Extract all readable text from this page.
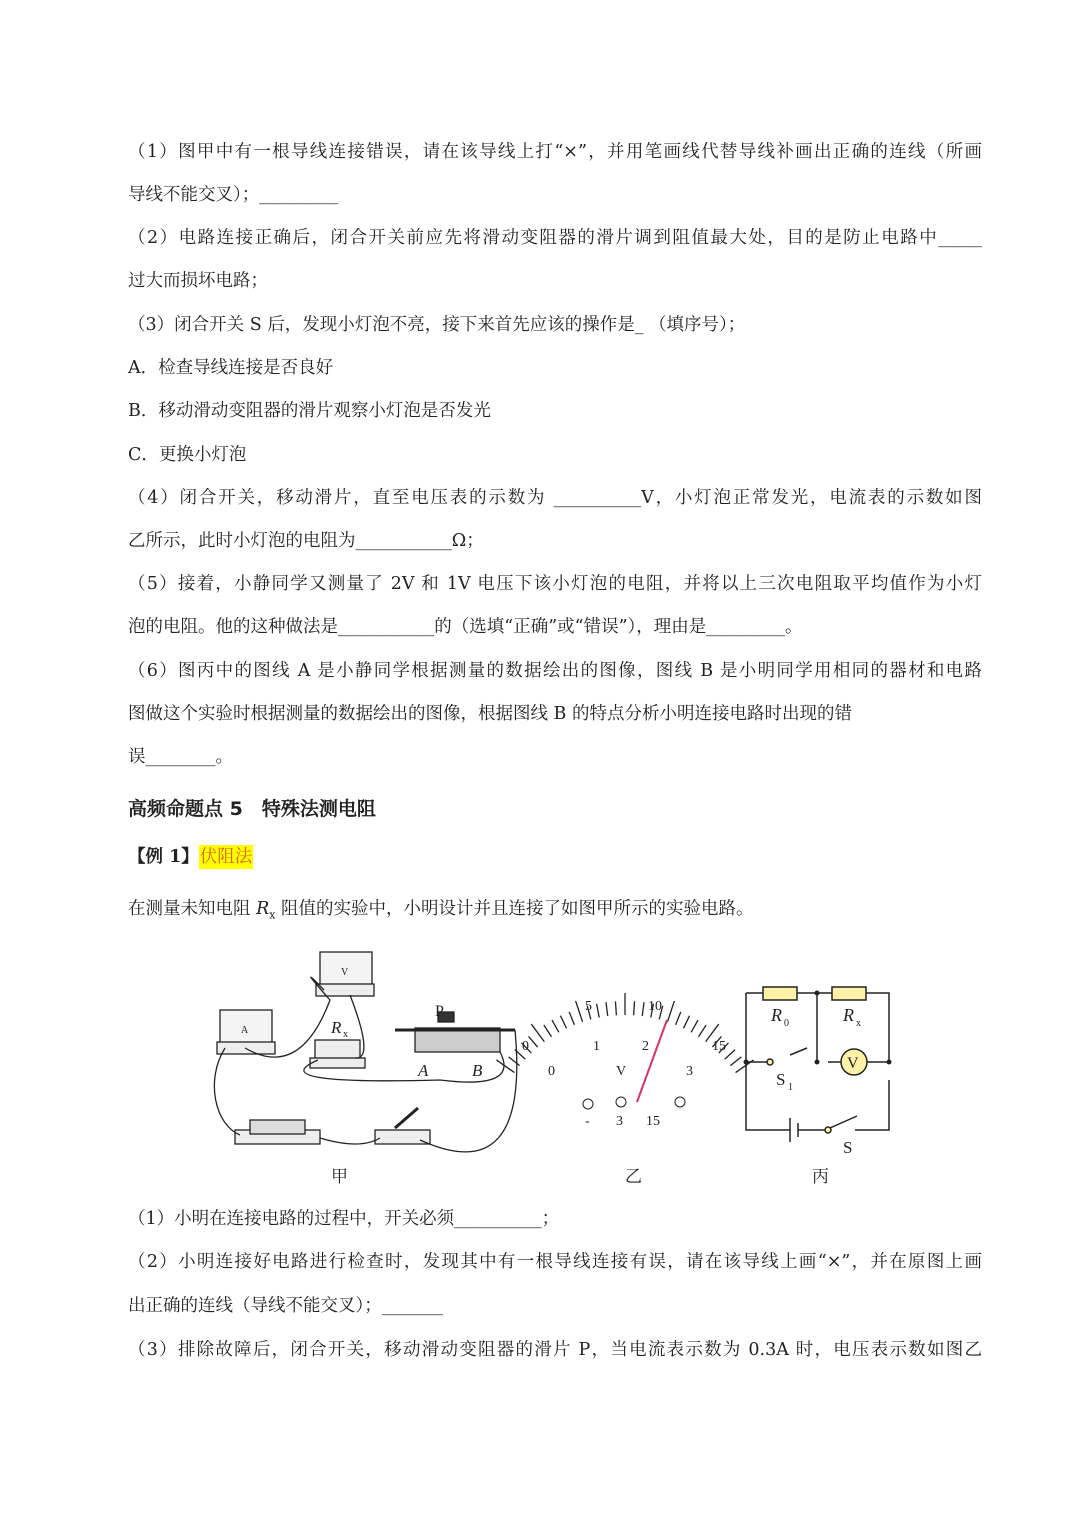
（1）图甲中有一根导线连接错误，请在该导线上打“×”，并用笔画线代替导线补画出正确的连线（所画
导线不能交叉）；_________
（2）电路连接正确后，闭合开关前应先将滑动变阻器的滑片调到阻值最大处，目的是防止电路中_____
过大而损坏电路；
（3）闭合开关 S 后，发现小灯泡不亮，接下来首先应该的操作是_ （填序号）；
A．检查导线连接是否良好
B．移动滑动变阻器的滑片观察小灯泡是否发光
C．更换小灯泡
（4）闭合开关，移动滑片，直至电压表的示数为 __________V，小灯泡正常发光，电流表的示数如图
乙所示，此时小灯泡的电阻为___________Ω；
（5）接着，小静同学又测量了 2V 和 1V 电压下该小灯泡的电阻，并将以上三次电阻取平均值作为小灯
泡的电阻。他的这种做法是___________的（选填“正确”或“错误”），理由是_________。
（6）图丙中的图线 A 是小静同学根据测量的数据绘出的图像，图线 B 是小明同学用相同的器材和电路
图做这个实验时根据测量的数据绘出的图像，根据图线 B 的特点分析小明连接电路时出现的错
误________。
高频命题点 5　特殊法测电阻
【例 1】伏阻法
在测量未知电阻 $R_x$ 阻值的实验中，小明设计并且连接了如图甲所示的实验电路。
P
R x
A	B
V
A
0
5	10
15
0
1	2
3
V
- 3 15
R 0	R x
V
S 1
S
甲	乙	丙
（1）小明在连接电路的过程中，开关必须__________；
（2）小明连接好电路进行检查时，发现其中有一根导线连接有误，请在该导线上画“×”，并在原图上画
出正确的连线（导线不能交叉）；_______
（3）排除故障后，闭合开关，移动滑动变阻器的滑片 P，当电流表示数为 0.3A 时，电压表示数如图乙
